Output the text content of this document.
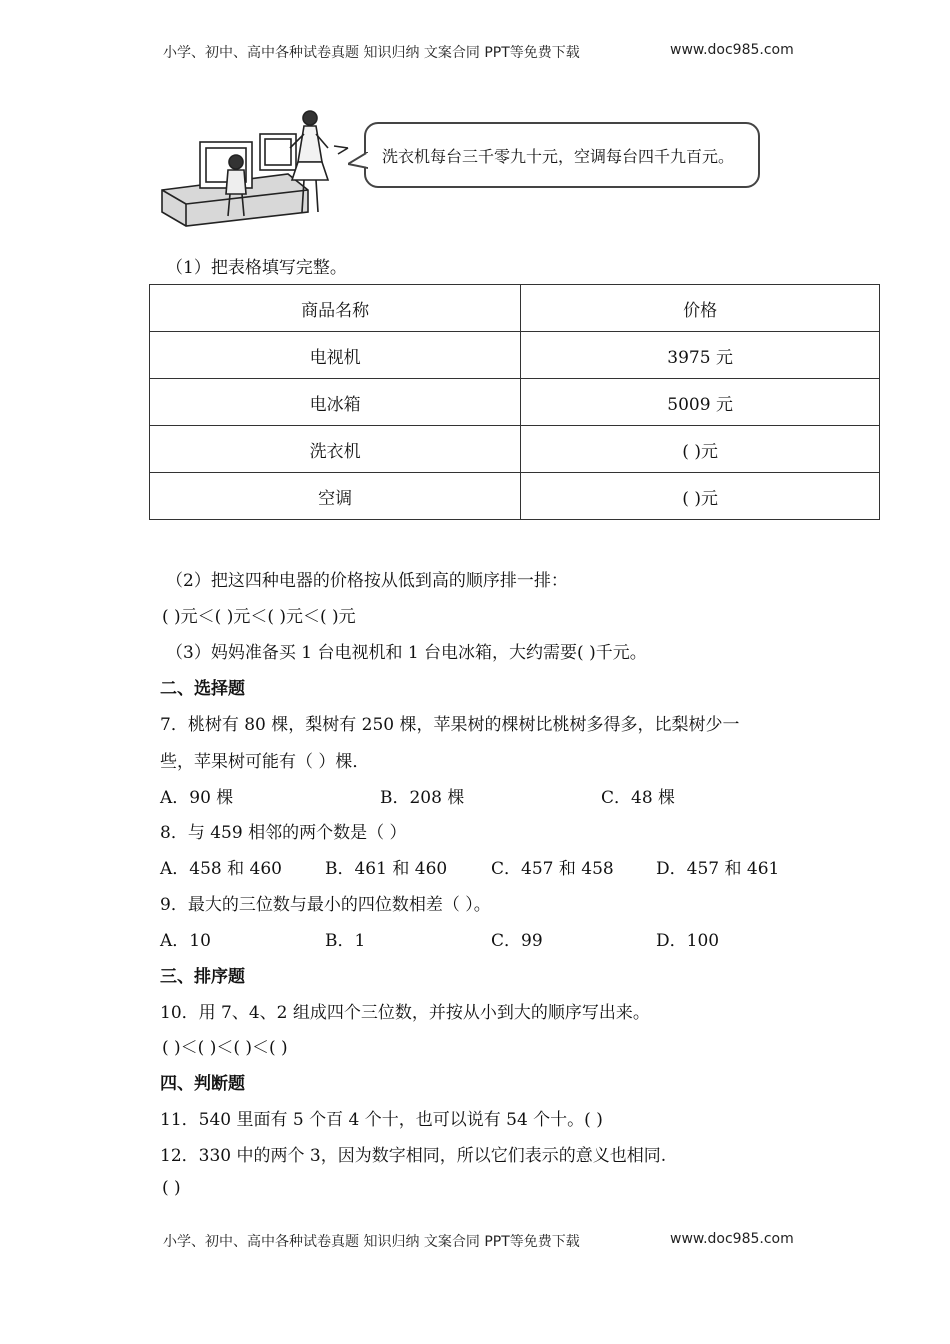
小学、初中、高中各种试卷真题 知识归纳 文案合同 PPT等免费下载	www.doc985.com
洗衣机每台三千零九十元，空调每台四千九百元。
（1）把表格填写完整。
商品名称	价格
电视机	3975 元
电冰箱	5009 元
洗衣机	( )元
空调	( )元
（2）把这四种电器的价格按从低到高的顺序排一排：
( )元＜( )元＜( )元＜( )元
（3）妈妈准备买 1 台电视机和 1 台电冰箱，大约需要( )千元。
二、选择题
7．桃树有 80 棵，梨树有 250 棵，苹果树的棵树比桃树多得多，比梨树少一
些，苹果树可能有（ ）棵．
A．90 棵	B．208 棵	C．48 棵
8．与 459 相邻的两个数是（ ）
A．458 和 460	B．461 和 460	C．457 和 458 D．457 和 461
9．最大的三位数与最小的四位数相差（ ）。
A．10	B．1	C．99	D．100
三、排序题
10．用 7、4、2 组成四个三位数，并按从小到大的顺序写出来。
( )＜( )＜( )＜( )
四、判断题
11．540 里面有 5 个百 4 个十，也可以说有 54 个十。( )
12．330 中的两个 3，因为数字相同，所以它们表示的意义也相同.
( )
小学、初中、高中各种试卷真题 知识归纳 文案合同 PPT等免费下载	www.doc985.com
